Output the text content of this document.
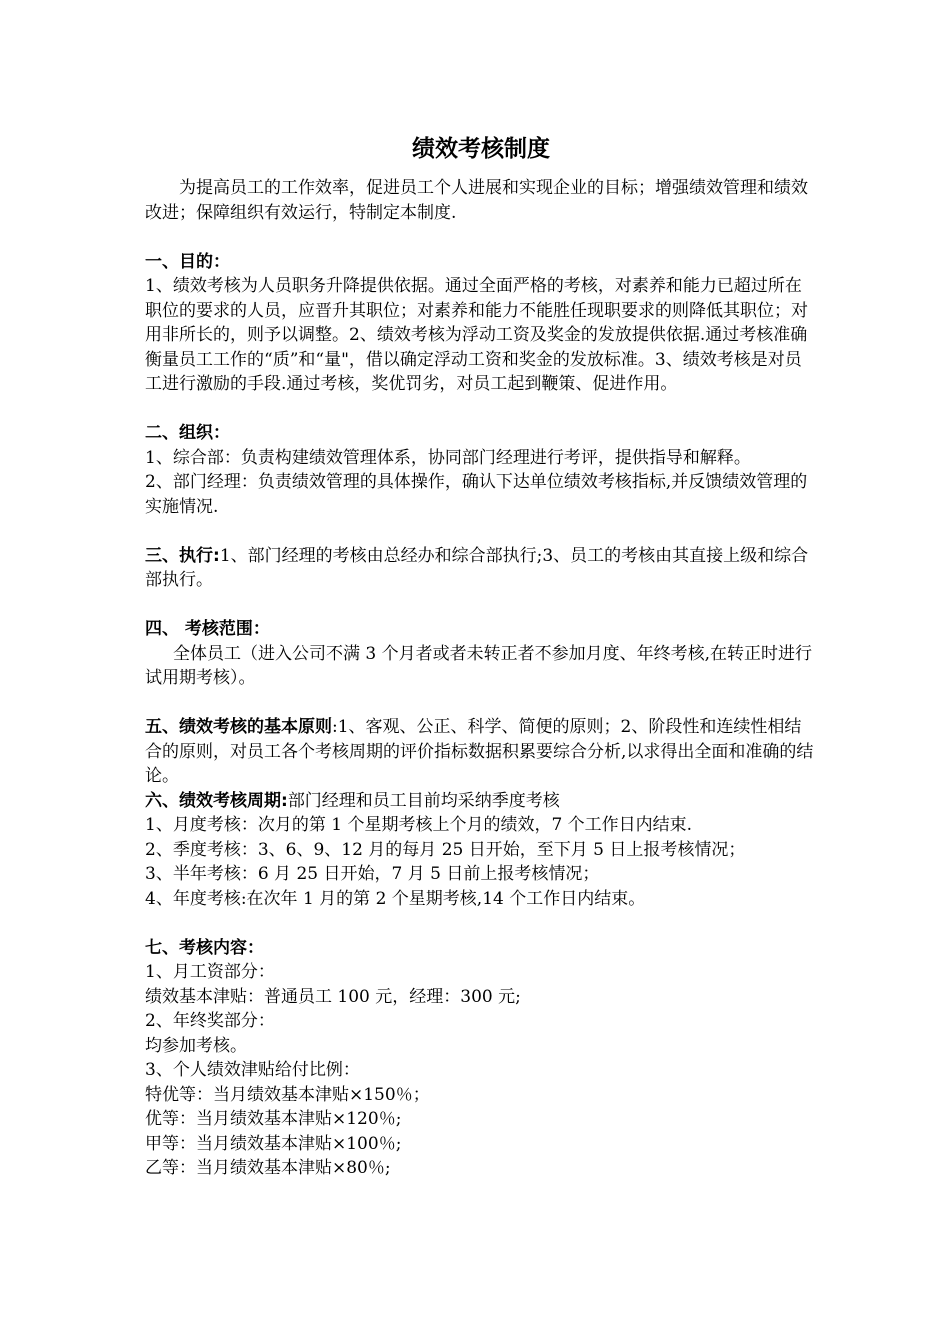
绩效考核制度

为提高员工的工作效率，促进员工个人进展和实现企业的目标；增强绩效管理和绩效改进；保障组织有效运行，特制定本制度.

一、目的：

1、绩效考核为人员职务升降提供依据。通过全面严格的考核，对素养和能力已超过所在职位的要求的人员，应晋升其职位；对素养和能力不能胜任现职要求的则降低其职位；对用非所长的，则予以调整。2、绩效考核为浮动工资及奖金的发放提供依据.通过考核准确衡量员工工作的“质”和“量"，借以确定浮动工资和奖金的发放标准。3、绩效考核是对员工进行激励的手段.通过考核，奖优罚劣，对员工起到鞭策、促进作用。

二、组织：

1、综合部：负责构建绩效管理体系，协同部门经理进行考评，提供指导和解释。

2、部门经理：负责绩效管理的具体操作，确认下达单位绩效考核指标,并反馈绩效管理的实施情况.

三、执行:1、部门经理的考核由总经办和综合部执行;3、员工的考核由其直接上级和综合部执行。

四、 考核范围：

全体员工（进入公司不满 3 个月者或者未转正者不参加月度、年终考核,在转正时进行试用期考核）。

五、绩效考核的基本原则:1、客观、公正、科学、简便的原则；2、阶段性和连续性相结合的原则，对员工各个考核周期的评价指标数据积累要综合分析,以求得出全面和准确的结论。

六、绩效考核周期:部门经理和员工目前均采纳季度考核

1、月度考核：次月的第 1 个星期考核上个月的绩效，7 个工作日内结束.

2、季度考核：3、6、9、12 月的每月 25 日开始，至下月 5 日上报考核情况；

3、半年考核：6 月 25 日开始，7 月 5 日前上报考核情况；

4、年度考核:在次年 1 月的第 2 个星期考核,14 个工作日内结束。

七、考核内容：

1、月工资部分：

绩效基本津贴：普通员工 100 元，经理：300 元;

2、年终奖部分：

均参加考核。

3、个人绩效津贴给付比例：

特优等：当月绩效基本津贴×150％；

优等：当月绩效基本津贴×120％;

甲等：当月绩效基本津贴×100％;

乙等：当月绩效基本津贴×80％;
